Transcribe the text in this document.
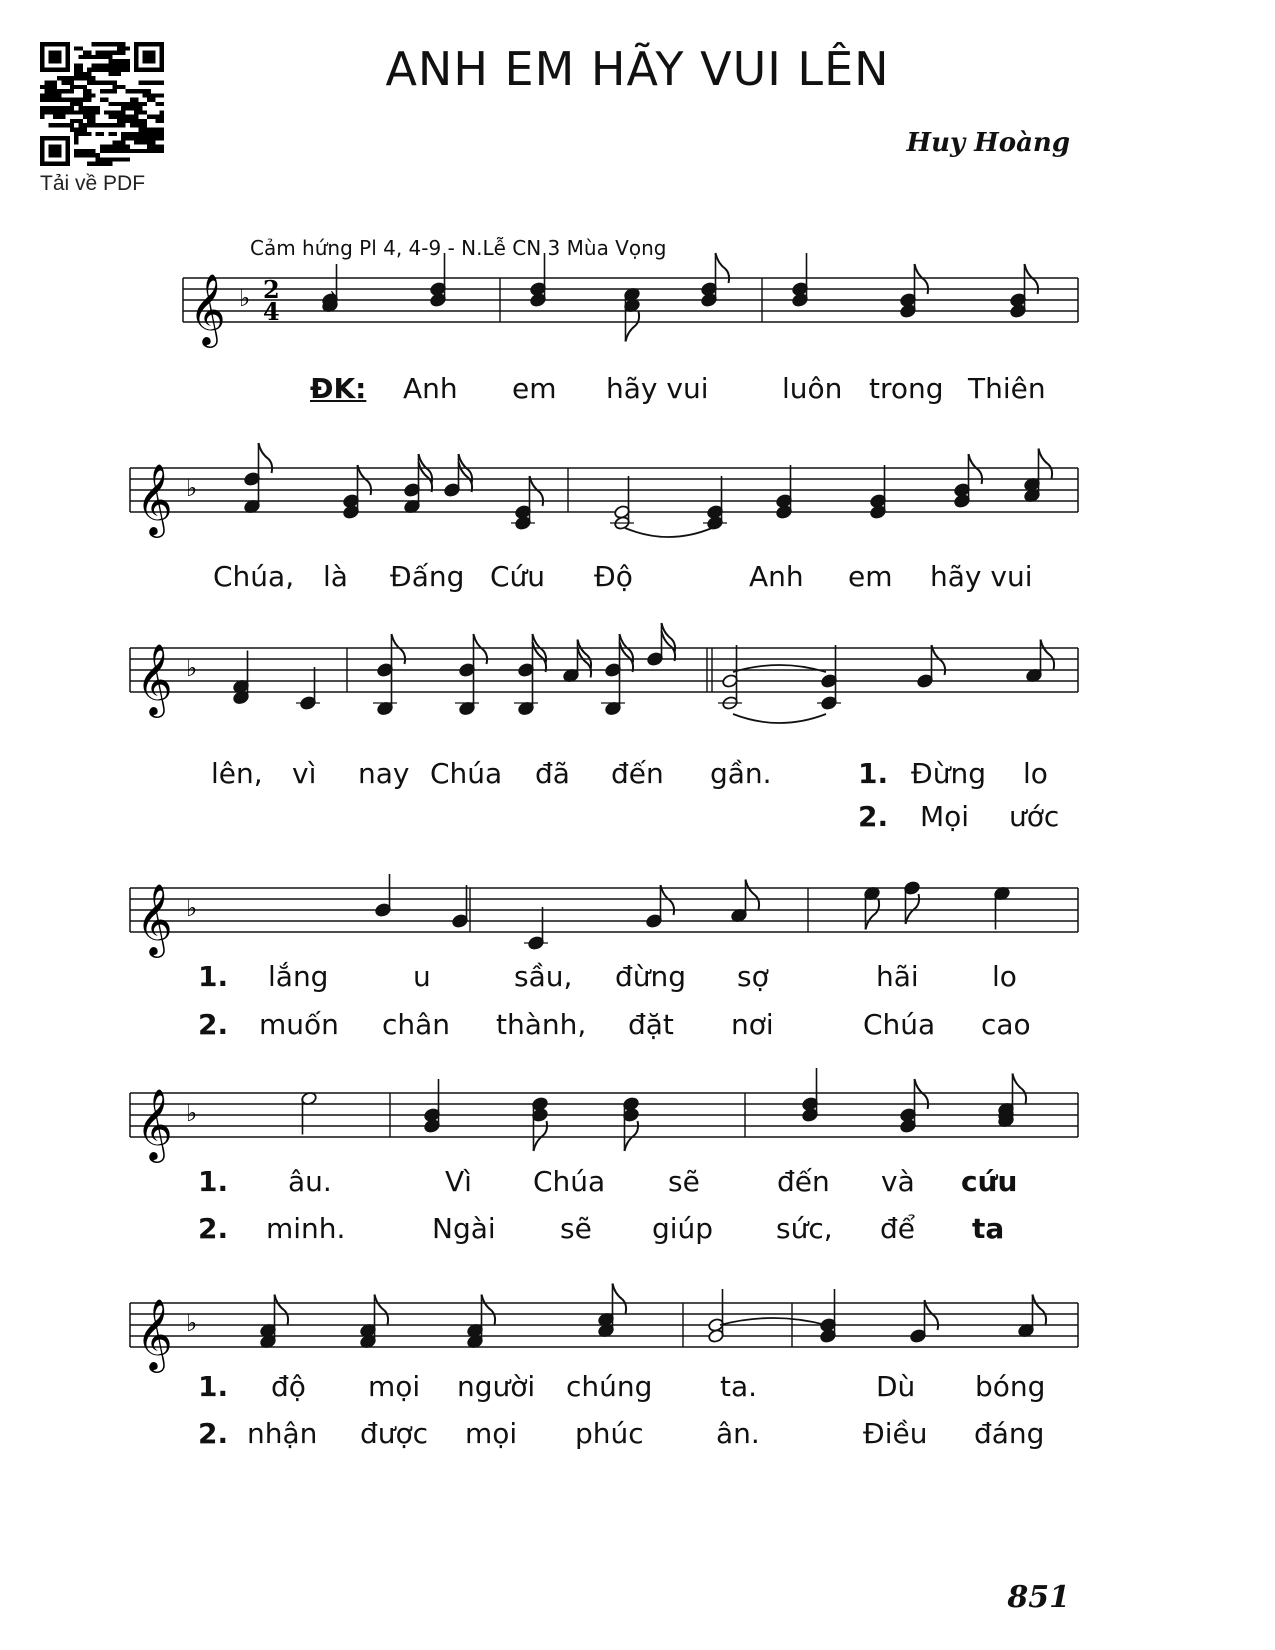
Tải về PDF
ANH EM HÃY VUI LÊN
Huy Hoàng
Cảm hứng Pl 4, 4-9 - N.Lễ CN 3 Mùa Vọng
𝄞 ♭ 2
4
𝄞 ♭
𝄞 ♭
𝄞 ♭
𝄞 ♭
𝄞 ♭
ĐK: Anh em hãy vui	luôn trong Thiên
Chúa, là Đấng Cứu Độ	Anh em hãy vui
lên, vì nay Chúa đã đến gần.	1. Đừng lo
2. Mọi ước
1. lắng	u	sầu, đừng sợ	hãi	lo
2. muốn chân thành, đặt nơi	Chúa cao
1. âu.	Vì Chúa sẽ	đến và cứu
2. minh.	Ngài sẽ giúp sức, để ta
1. độ mọi người chúng ta.	Dù bóng
2. nhận được mọi phúc	ân.	Điều đáng
851
